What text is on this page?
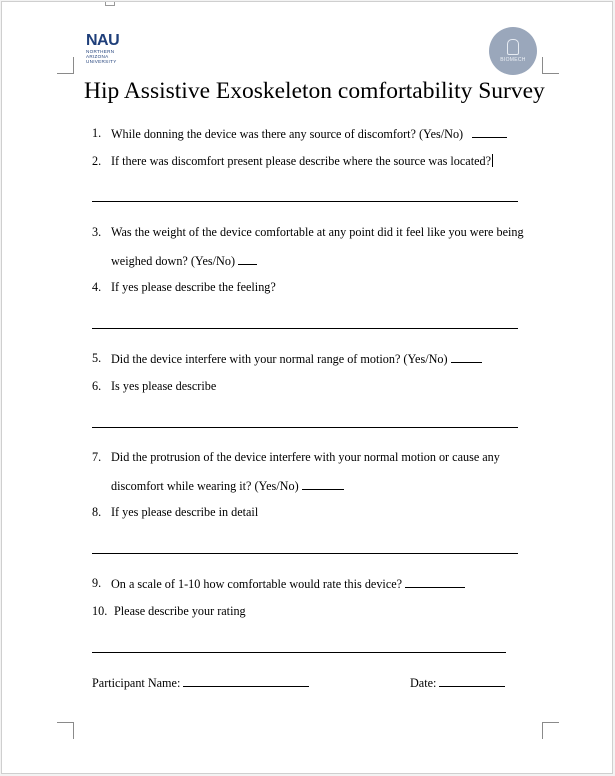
NAU
NORTHERN
ARIZONA
UNIVERSITY	BIOMECH
Hip Assistive Exoskeleton comfortability Survey
1. While donning the device was there any source of discomfort? (Yes/No)
2. If there was discomfort present please describe where the source was located?
3. Was the weight of the device comfortable at any point did it feel like you were being
weighed down? (Yes/No)
4. If yes please describe the feeling?
5. Did the device interfere with your normal range of motion? (Yes/No)
6. Is yes please describe
7. Did the protrusion of the device interfere with your normal motion or cause any
discomfort while wearing it? (Yes/No)
8. If yes please describe in detail
9. On a scale of 1-10 how comfortable would rate this device?
10. Please describe your rating
Participant Name:	Date:
